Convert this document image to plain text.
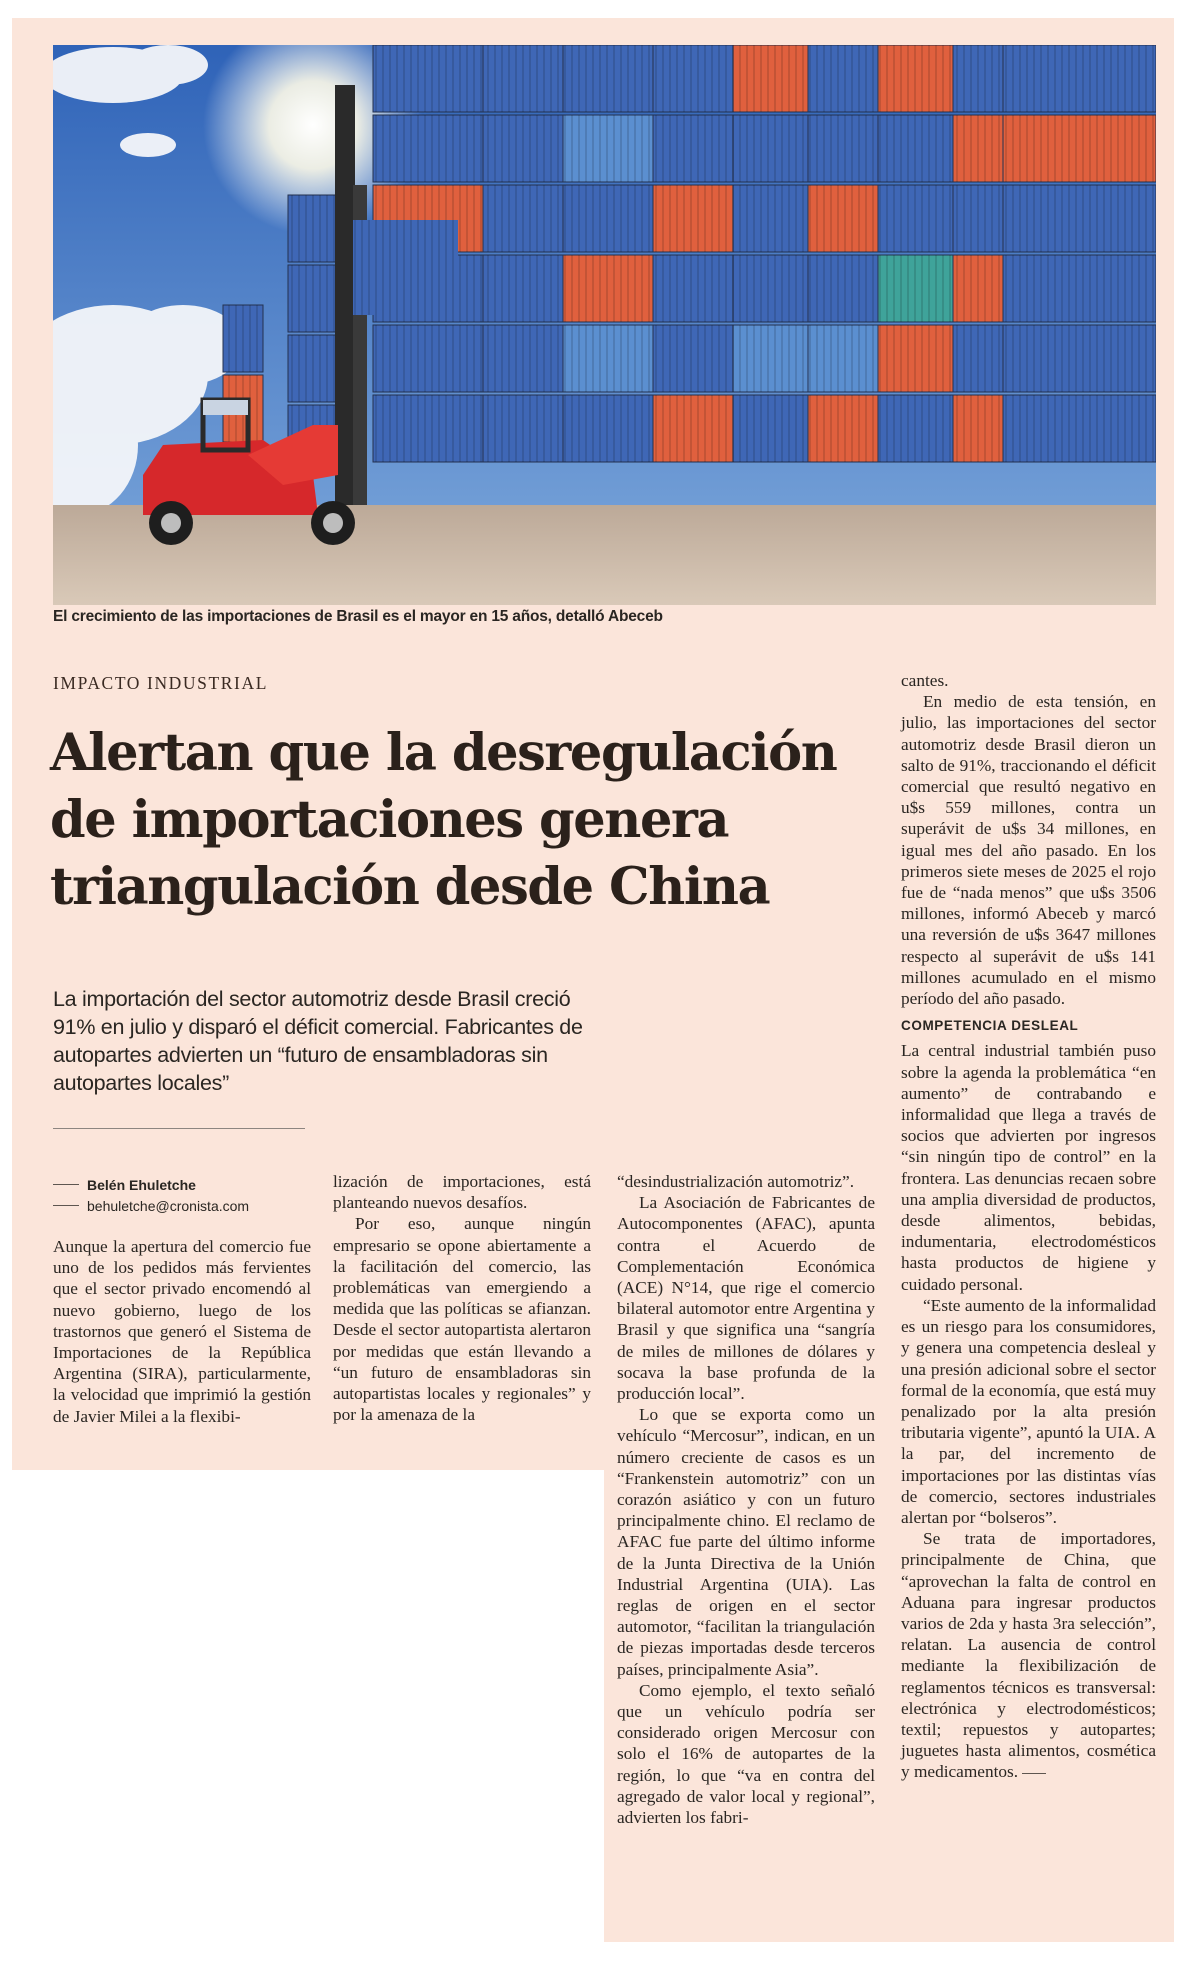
El crecimiento de las importaciones de Brasil es el mayor en 15 años, detalló Abeceb
IMPACTO INDUSTRIAL
Alertan que la desregulación de importaciones genera triangulación desde China

La importación del sector automotriz desde Brasil creció 91% en julio y disparó el déficit comercial. Fabricantes de autopartes advierten un “futuro de ensambladoras sin autopartes locales”

Belén Ehuletche
behuletche@cronista.com

Aunque la apertura del comercio fue uno de los pedidos más fervientes que el sector privado encomendó al nuevo gobierno, luego de los trastornos que generó el Sistema de Importaciones de la República Argentina (SIRA), particularmente, la velocidad que imprimió la gestión de Javier Milei a la flexibi-

lización de importaciones, está planteando nuevos desafíos.

Por eso, aunque ningún empresario se opone abiertamente a la facilitación del comercio, las problemáticas van emergiendo a medida que las políticas se afianzan. Desde el sector autopartista alertaron por medidas que están llevando a “un futuro de ensambladoras sin autopartistas locales y regionales” y por la amenaza de la

“desindustrialización automotriz”.

La Asociación de Fabricantes de Autocomponentes (AFAC), apunta contra el Acuerdo de Complementación Económica (ACE) N°14, que rige el comercio bilateral automotor entre Argentina y Brasil y que significa una “sangría de miles de millones de dólares y socava la base profunda de la producción local”.

Lo que se exporta como un vehículo “Mercosur”, indican, en un número creciente de casos es un “Frankenstein automotriz” con un corazón asiático y con un futuro principalmente chino. El reclamo de AFAC fue parte del último informe de la Junta Directiva de la Unión Industrial Argentina (UIA). Las reglas de origen en el sector automotor, “facilitan la triangulación de piezas importadas desde terceros países, principalmente Asia”.

Como ejemplo, el texto señaló que un vehículo podría ser considerado origen Mercosur con solo el 16% de autopartes de la región, lo que “va en contra del agregado de valor local y regional”, advierten los fabri-

cantes.

En medio de esta tensión, en julio, las importaciones del sector automotriz desde Brasil dieron un salto de 91%, traccionando el déficit comercial que resultó negativo en u$s 559 millones, contra un superávit de u$s 34 millones, en igual mes del año pasado. En los primeros siete meses de 2025 el rojo fue de “nada menos” que u$s 3506 millones, informó Abeceb y marcó una reversión de u$s 3647 millones respecto al superávit de u$s 141 millones acumulado en el mismo período del año pasado.

COMPETENCIA DESLEAL

La central industrial también puso sobre la agenda la problemática “en aumento” de contrabando e informalidad que llega a través de socios que advierten por ingresos “sin ningún tipo de control” en la frontera. Las denuncias recaen sobre una amplia diversidad de productos, desde alimentos, bebidas, indumentaria, electrodomésticos hasta productos de higiene y cuidado personal.

“Este aumento de la informalidad es un riesgo para los consumidores, y genera una competencia desleal y una presión adicional sobre el sector formal de la economía, que está muy penalizado por la alta presión tributaria vigente”, apuntó la UIA. A la par, del incremento de importaciones por las distintas vías de comercio, sectores industriales alertan por “bolseros”.

Se trata de importadores, principalmente de China, que “aprovechan la falta de control en Aduana para ingresar productos varios de 2da y hasta 3ra selección”, relatan. La ausencia de control mediante la flexibilización de reglamentos técnicos es transversal: electrónica y electrodomésticos; textil; repuestos y autopartes; juguetes hasta alimentos, cosmética y medicamentos.
